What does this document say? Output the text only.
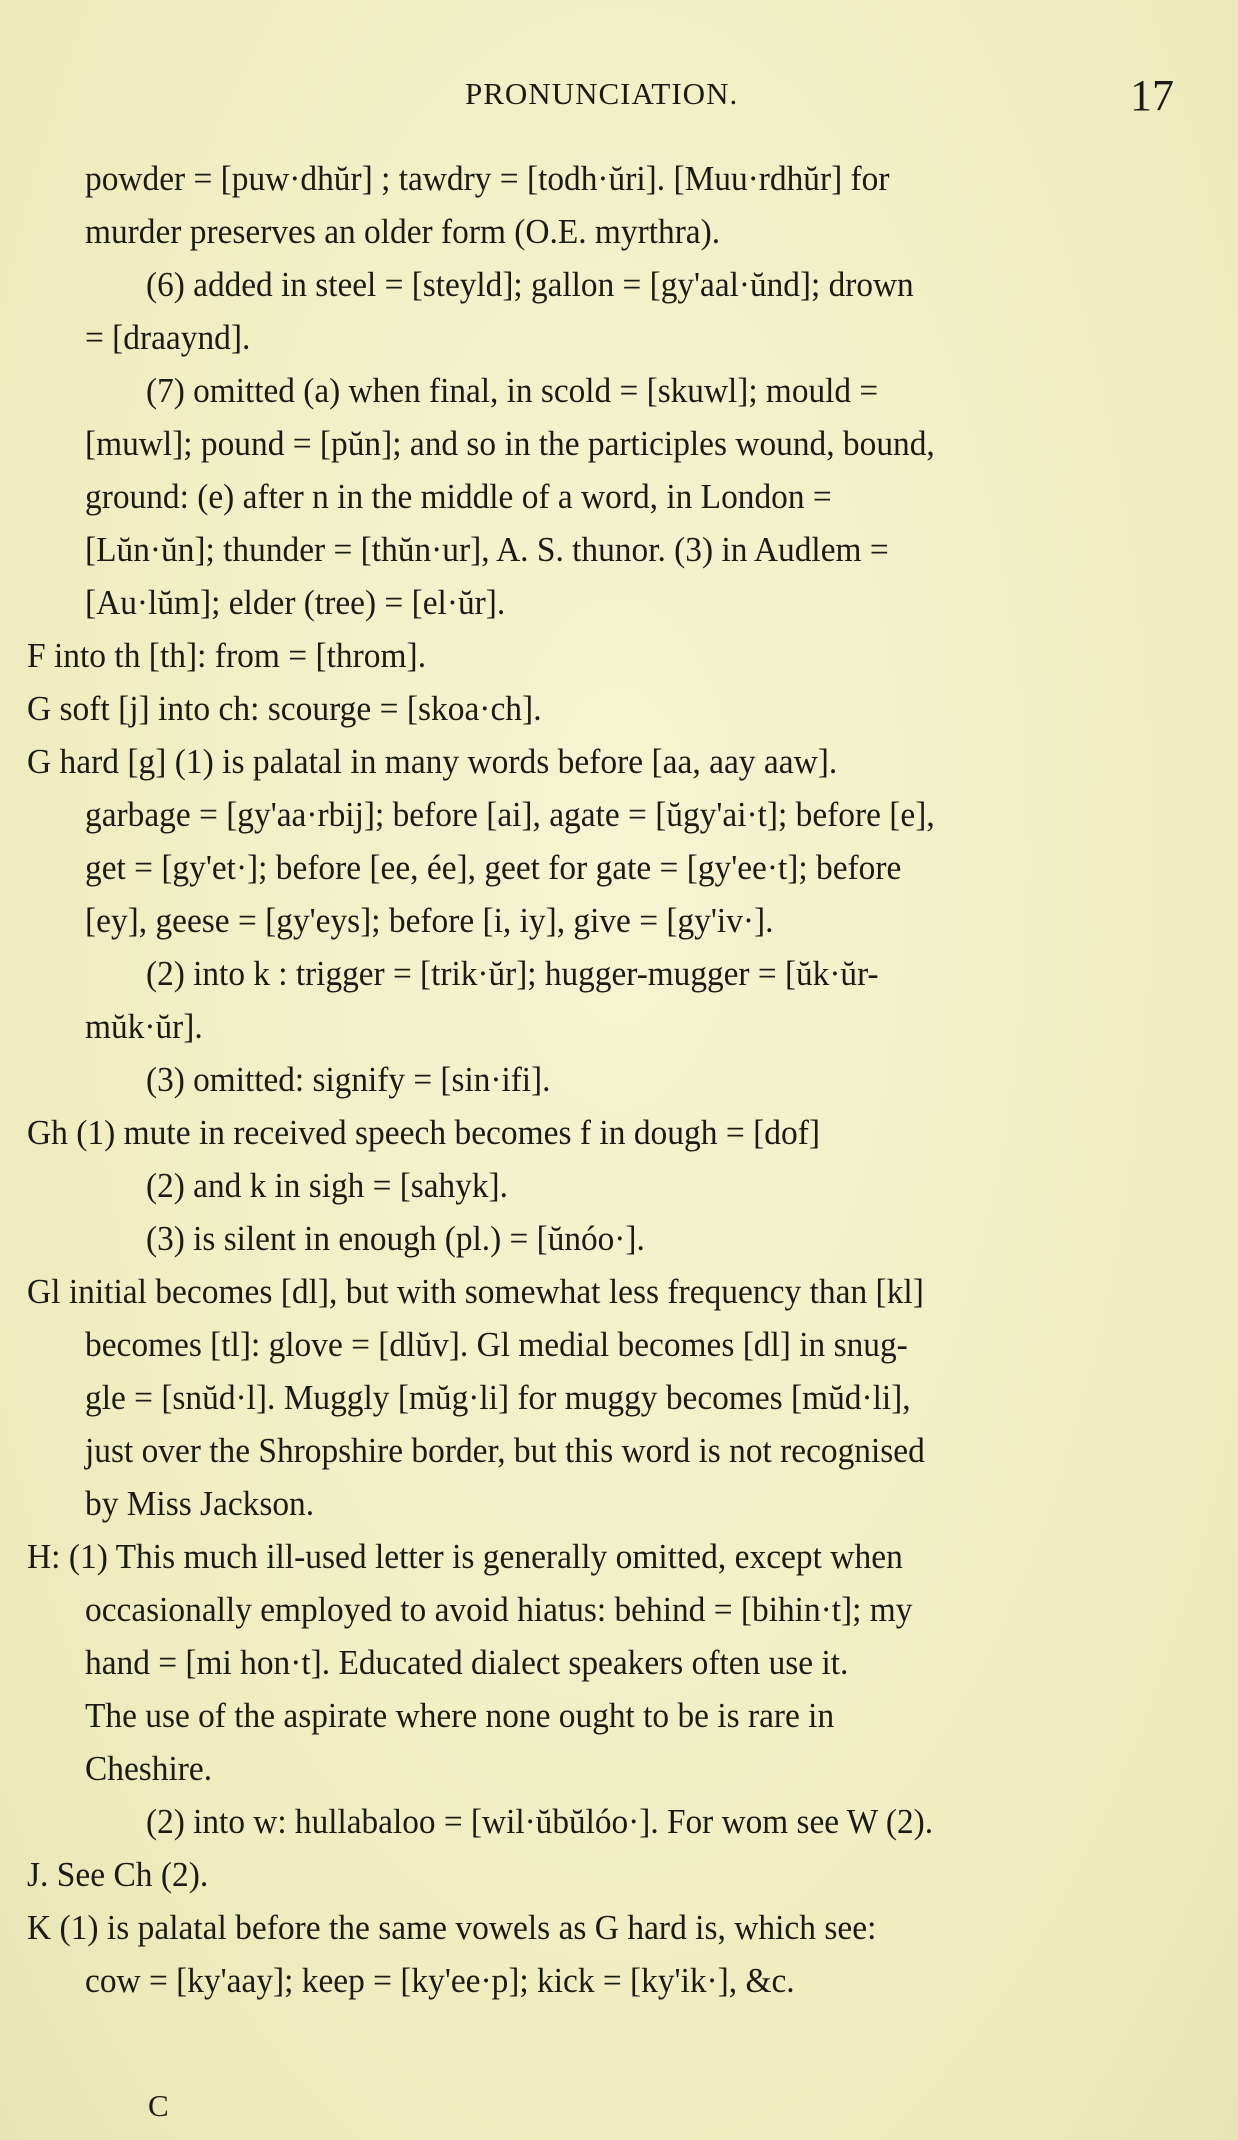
PRONUNCIATION.	17
powder = [puw·dhŭr] ; tawdry = [todh·ŭri]. [Muu·rdhŭr] for
murder preserves an older form (O.E. myrthra).
(6) added in steel = [steyld]; gallon = [gy'aal·ŭnd]; drown
= [draaynd].
(7) omitted (a) when final, in scold = [skuwl]; mould =
[muwl]; pound = [pŭn]; and so in the participles wound, bound,
ground: (e) after n in the middle of a word, in London =
[Lŭn·ŭn]; thunder = [thŭn·ur], A. S. thunor. (3) in Audlem =
[Au·lŭm]; elder (tree) = [el·ŭr].
F into th [th]: from = [throm].
G soft [j] into ch: scourge = [skoa·ch].
G hard [g] (1) is palatal in many words before [aa, aay aaw].
garbage = [gy'aa·rbij]; before [ai], agate = [ŭgy'ai·t]; before [e],
get = [gy'et·]; before [ee, ée], geet for gate = [gy'ee·t]; before
[ey], geese = [gy'eys]; before [i, iy], give = [gy'iv·].
(2) into k : trigger = [trik·ŭr]; hugger-mugger = [ŭk·ŭr-
mŭk·ŭr].
(3) omitted: signify = [sin·ifi].
Gh (1) mute in received speech becomes f in dough = [dof]
(2) and k in sigh = [sahyk].
(3) is silent in enough (pl.) = [ŭnóo·].
Gl initial becomes [dl], but with somewhat less frequency than [kl]
becomes [tl]: glove = [dlŭv]. Gl medial becomes [dl] in snug-
gle = [snŭd·l]. Muggly [mŭg·li] for muggy becomes [mŭd·li],
just over the Shropshire border, but this word is not recognised
by Miss Jackson.
H: (1) This much ill-used letter is generally omitted, except when
occasionally employed to avoid hiatus: behind = [bihin·t]; my
hand = [mi hon·t]. Educated dialect speakers often use it.
The use of the aspirate where none ought to be is rare in
Cheshire.
(2) into w: hullabaloo = [wil·ŭbŭlóo·]. For wom see W (2).
J. See Ch (2).
K (1) is palatal before the same vowels as G hard is, which see:
cow = [ky'aay]; keep = [ky'ee·p]; kick = [ky'ik·], &c.
C
